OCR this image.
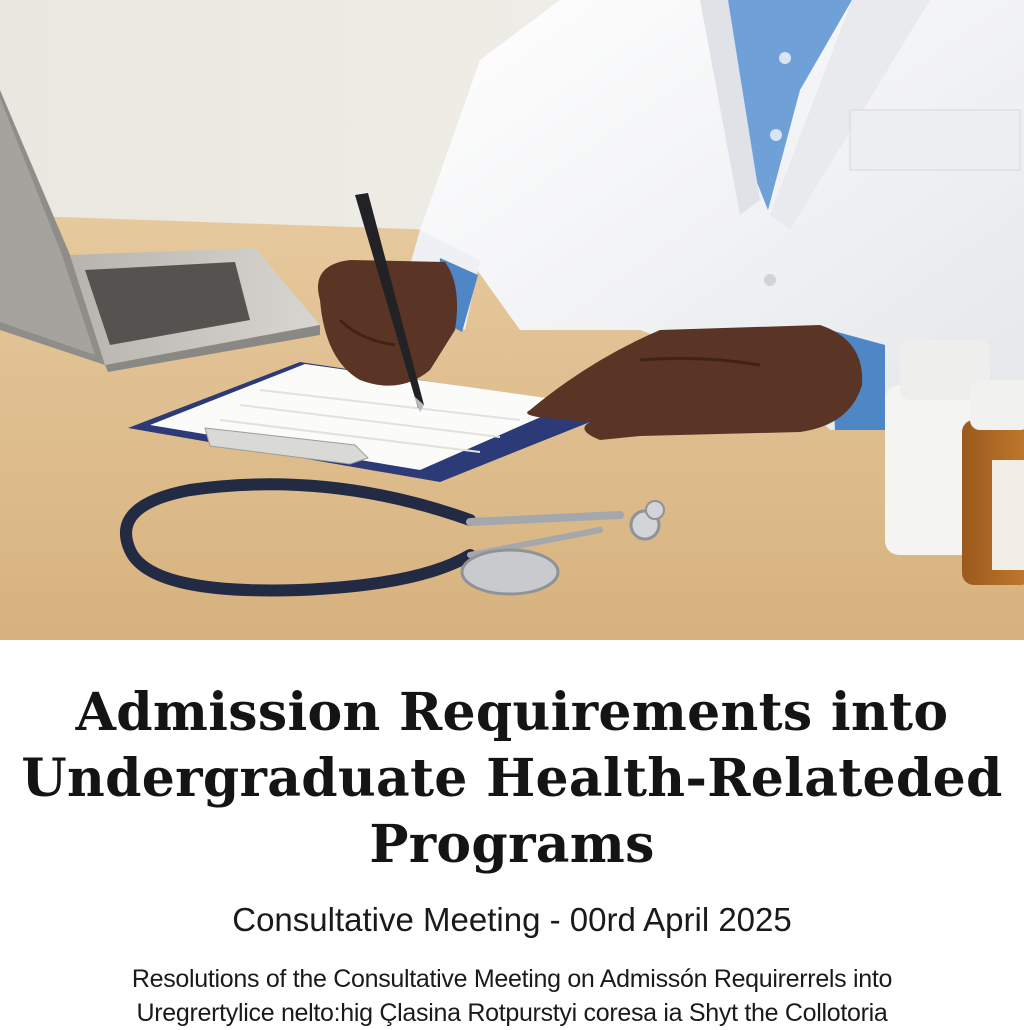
Admission Requirements into
Undergraduate Health-Relateded
Programs
Consultative Meeting - 00rd April 2025
Resolutions of the Consultative Meeting on Admissón Requirerrels into
Uregrertylice nelto:hig Çlasina Rotpurstyi coresa ia Shyt the Collotoria
